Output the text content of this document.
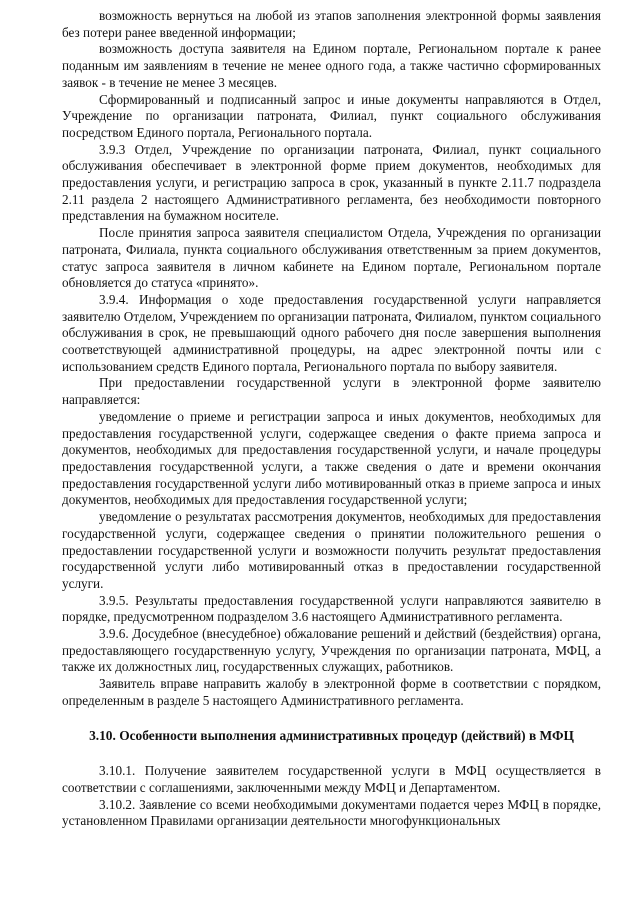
возможность вернуться на любой из этапов заполнения электронной формы заявления без потери ранее введенной информации;

возможность доступа заявителя на Едином портале, Региональном портале к ранее поданным им заявлениям в течение не менее одного года, а также частично сформированных заявок - в течение не менее 3 месяцев.

Сформированный и подписанный запрос и иные документы направляются в Отдел, Учреждение по организации патроната, Филиал, пункт социального обслуживания посредством Единого портала, Регионального портала.

3.9.3 Отдел, Учреждение по организации патроната, Филиал, пункт социального обслуживания обеспечивает в электронной форме прием документов, необходимых для предоставления услуги, и регистрацию запроса в срок, указанный в пункте 2.11.7 подраздела 2.11 раздела 2 настоящего Административного регламента, без необходимости повторного представления на бумажном носителе.

После принятия запроса заявителя специалистом Отдела, Учреждения по организации патроната, Филиала, пункта социального обслуживания ответственным за прием документов, статус запроса заявителя в личном кабинете на Едином портале, Региональном портале обновляется до статуса «принято».

3.9.4. Информация о ходе предоставления государственной услуги направляется заявителю Отделом, Учреждением по организации патроната, Филиалом, пунктом социального обслуживания в срок, не превышающий одного рабочего дня после завершения выполнения соответствующей административной процедуры, на адрес электронной почты или с использованием средств Единого портала, Регионального портала по выбору заявителя.

При предоставлении государственной услуги в электронной форме заявителю направляется:

уведомление о приеме и регистрации запроса и иных документов, необходимых для предоставления государственной услуги, содержащее сведения о факте приема запроса и документов, необходимых для предоставления государственной услуги, и начале процедуры предоставления государственной услуги, а также сведения о дате и времени окончания предоставления государственной услуги либо мотивированный отказ в приеме запроса и иных документов, необходимых для предоставления государственной услуги;

уведомление о результатах рассмотрения документов, необходимых для предоставления государственной услуги, содержащее сведения о принятии положительного решения о предоставлении государственной услуги и возможности получить результат предоставления государственной услуги либо мотивированный отказ в предоставлении государственной услуги.

3.9.5. Результаты предоставления государственной услуги направляются заявителю в порядке, предусмотренном подразделом 3.6 настоящего Административного регламента.

3.9.6. Досудебное (внесудебное) обжалование решений и действий (бездействия) органа, предоставляющего государственную услугу, Учреждения по организации патроната, МФЦ, а также их должностных лиц, государственных служащих, работников.

Заявитель вправе направить жалобу в электронной форме в соответствии с порядком, определенным в разделе 5 настоящего Административного регламента.

3.10. Особенности выполнения административных процедур (действий) в МФЦ

3.10.1. Получение заявителем государственной услуги в МФЦ осуществляется в соответствии с соглашениями, заключенными между МФЦ и Департаментом.

3.10.2. Заявление со всеми необходимыми документами подается через МФЦ в порядке, установленном Правилами организации деятельности многофункциональных
